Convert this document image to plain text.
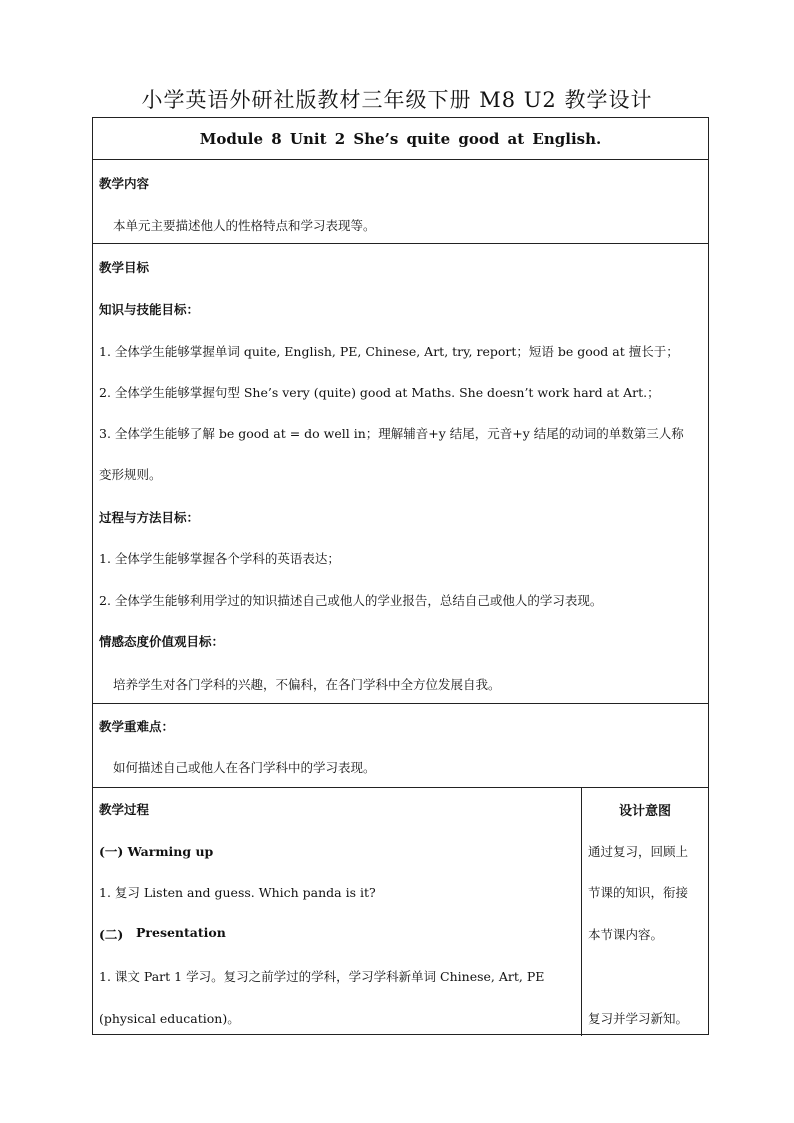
小学英语外研社版教材三年级下册 M8 U2 教学设计
Module 8 Unit 2 She’s quite good at English.
教学内容
本单元主要描述他人的性格特点和学习表现等。
教学目标
知识与技能目标：
1. 全体学生能够掌握单词 quite, English, PE, Chinese, Art, try, report；短语 be good at 擅长于；
2. 全体学生能够掌握句型 She’s very (quite) good at Maths. She doesn’t work hard at Art.；
3. 全体学生能够了解 be good at = do well in；理解辅音+y 结尾，元音+y 结尾的动词的单数第三人称
变形规则。
过程与方法目标：
1. 全体学生能够掌握各个学科的英语表达；
2. 全体学生能够利用学过的知识描述自己或他人的学业报告，总结自己或他人的学习表现。
情感态度价值观目标：
培养学生对各门学科的兴趣，不偏科，在各门学科中全方位发展自我。
教学重难点：
如何描述自己或他人在各门学科中的学习表现。
教学过程	设计意图
(一) Warming up
1. 复习 Listen and guess. Which panda is it?
(二) Presentation
1. 课文 Part 1 学习。复习之前学过的学科，学习学科新单词 Chinese, Art, PE
(physical education)。
通过复习，回顾上
节课的知识，衔接
本节课内容。
复习并学习新知。
